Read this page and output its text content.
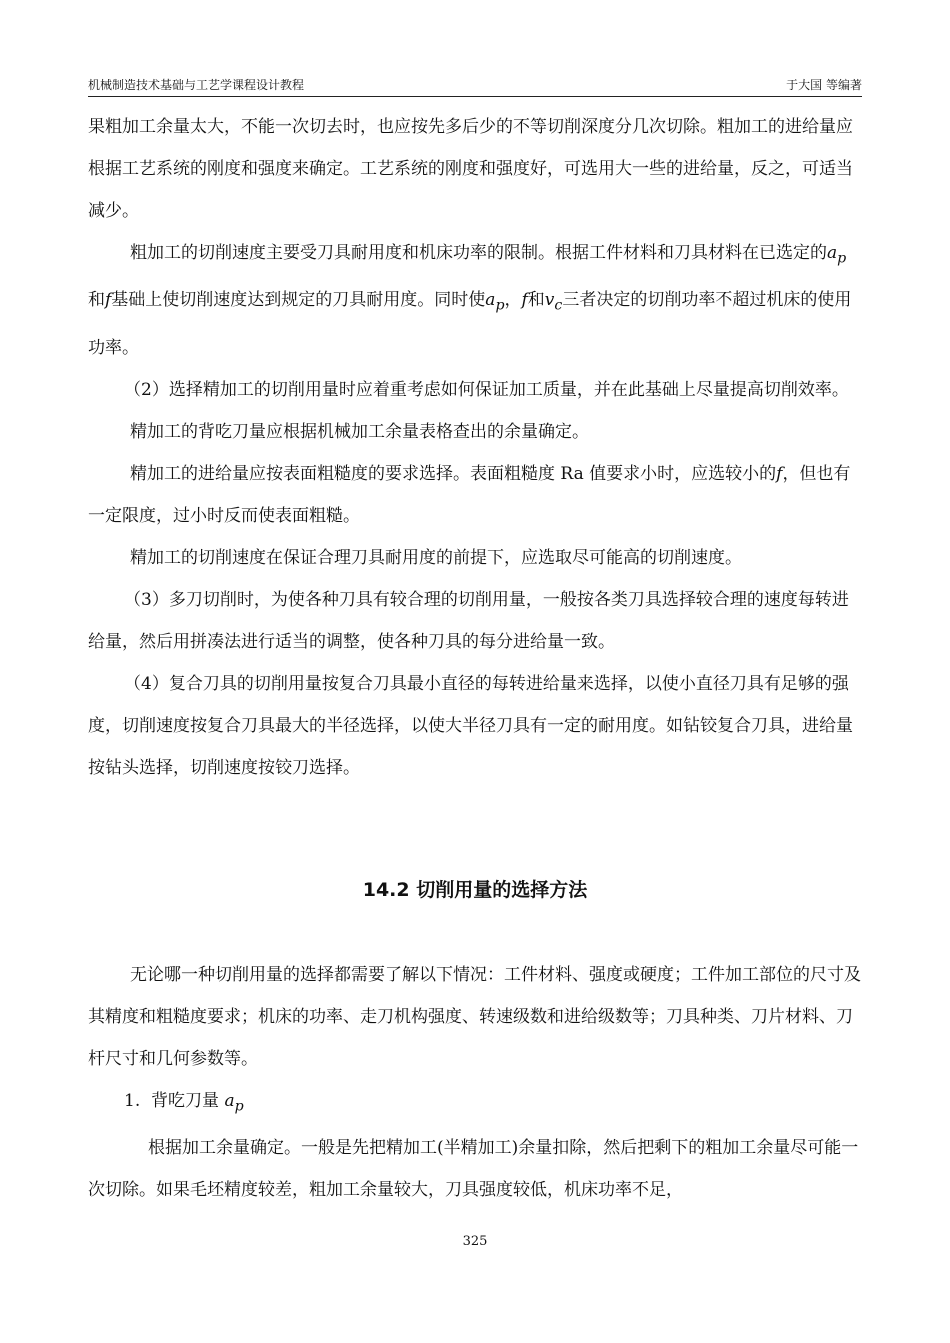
机械制造技术基础与工艺学课程设计教程	于大国 等编著

果粗加工余量太大，不能一次切去时，也应按先多后少的不等切削深度分几次切除。粗加工的进给量应根据工艺系统的刚度和强度来确定。工艺系统的刚度和强度好，可选用大一些的进给量，反之，可适当减少。

粗加工的切削速度主要受刀具耐用度和机床功率的限制。根据工件材料和刀具材料在已选定的$a_p$和f基础上使切削速度达到规定的刀具耐用度。同时使$a_p$，f和$v_c$三者决定的切削功率不超过机床的使用功率。

（2）选择精加工的切削用量时应着重考虑如何保证加工质量，并在此基础上尽量提高切削效率。

精加工的背吃刀量应根据机械加工余量表格查出的余量确定。

精加工的进给量应按表面粗糙度的要求选择。表面粗糙度 Ra 值要求小时，应选较小的f，但也有一定限度，过小时反而使表面粗糙。

精加工的切削速度在保证合理刀具耐用度的前提下，应选取尽可能高的切削速度。

（3）多刀切削时，为使各种刀具有较合理的切削用量，一般按各类刀具选择较合理的速度每转进给量，然后用拼凑法进行适当的调整，使各种刀具的每分进给量一致。

（4）复合刀具的切削用量按复合刀具最小直径的每转进给量来选择，以使小直径刀具有足够的强度，切削速度按复合刀具最大的半径选择，以使大半径刀具有一定的耐用度。如钻铰复合刀具，进给量按钻头选择，切削速度按铰刀选择。

14.2 切削用量的选择方法

无论哪一种切削用量的选择都需要了解以下情况：工件材料、强度或硬度；工件加工部位的尺寸及其精度和粗糙度要求；机床的功率、走刀机构强度、转速级数和进给级数等；刀具种类、刀片材料、刀杆尺寸和几何参数等。

1. 背吃刀量 $a_p$

根据加工余量确定。一般是先把精加工(半精加工)余量扣除，然后把剩下的粗加工余量尽可能一次切除。如果毛坯精度较差，粗加工余量较大，刀具强度较低，机床功率不足，

325
